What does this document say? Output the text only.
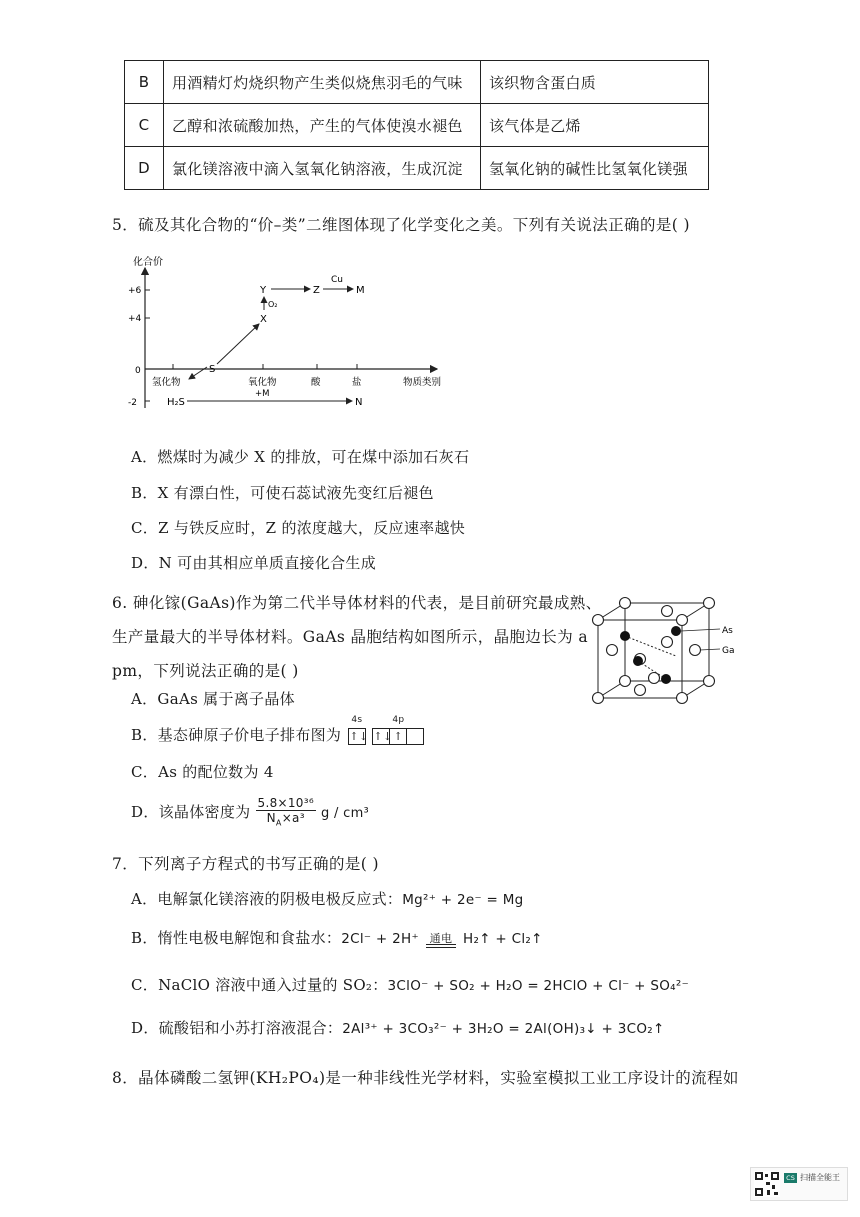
B	用酒精灯灼烧织物产生类似烧焦羽毛的气味	该织物含蛋白质
C	乙醇和浓硫酸加热，产生的气体使溴水褪色	该气体是乙烯
D	氯化镁溶液中滴入氢氧化钠溶液，生成沉淀	氢氧化钠的碱性比氢氧化镁强
5．硫及其化合物的“价–类”二维图体现了化学变化之美。下列有关说法正确的是( )
化合价
+6
+4
0
-2
氢化物	氧化物	酸	盐	物质类别
S
X
Y	Z	M
H₂S	N
O₂
Cu
+M
A．燃煤时为减少 X 的排放，可在煤中添加石灰石
B．X 有漂白性，可使石蕊试液先变红后褪色
C．Z 与铁反应时，Z 的浓度越大，反应速率越快
D．N 可由其相应单质直接化合生成
6. 砷化镓(GaAs)作为第二代半导体材料的代表，是目前研究最成熟、
生产量最大的半导体材料。GaAs 晶胞结构如图所示，晶胞边长为 a
pm，下列说法正确的是( )
As
Ga
A．GaAs 属于离子晶体
B．基态砷原子价电子排布图为
4s	4p
↑↓ ↑↓↑
C．As 的配位数为 4
D．该晶体密度为 $\frac{\text{5.8×10³⁶}}{N_A\times a^3}$ g / cm³
7．下列离子方程式的书写正确的是( )
A．电解氯化镁溶液的阴极电极反应式：Mg²⁺ + 2e⁻ = Mg
B．惰性电极电解饱和食盐水：2Cl⁻ + 2H⁺ 通电 H₂↑ + Cl₂↑
C．NaClO 溶液中通入过量的 SO₂：3ClO⁻ + SO₂ + H₂O = 2HClO + Cl⁻ + SO₄²⁻
D．硫酸铝和小苏打溶液混合：2Al³⁺ + 3CO₃²⁻ + 3H₂O = 2Al(OH)₃↓ + 3CO₂↑
8．晶体磷酸二氢钾(KH₂PO₄)是一种非线性光学材料，实验室模拟工业工序设计的流程如
CS 扫描全能王
